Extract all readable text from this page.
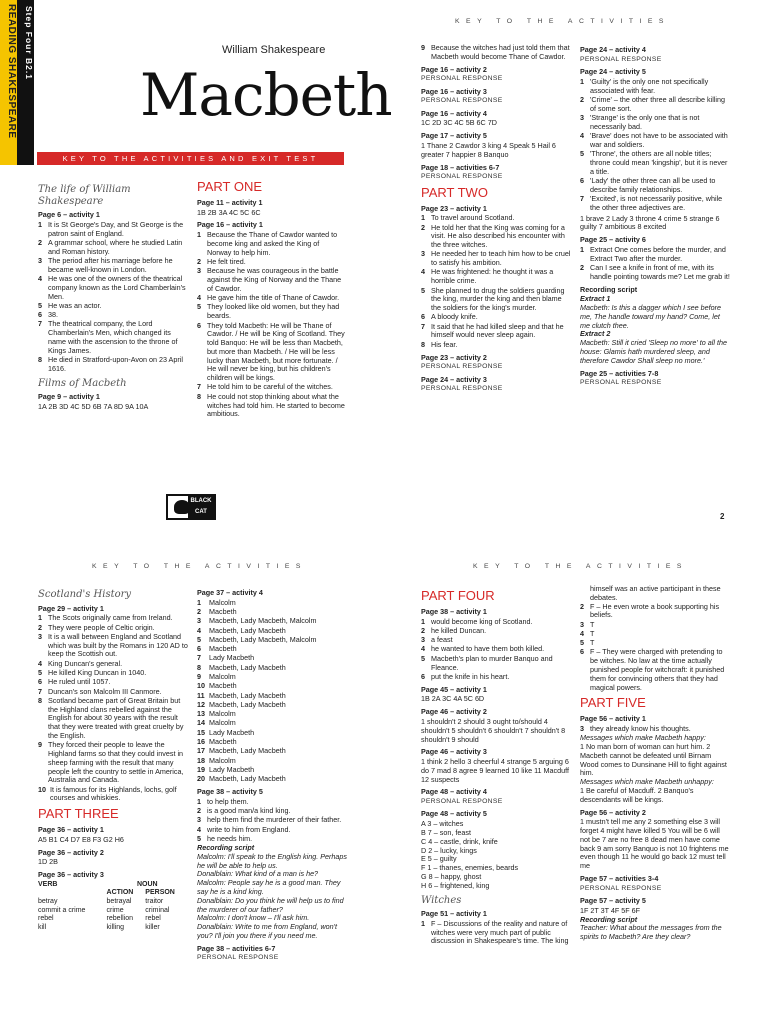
READING SHAKESPEARE Step Four B2.1	William Shakespeare
Macbeth
KEY TO THE ACTIVITIES AND EXIT TEST
KEY TO THE ACTIVITIES
KEY TO THE ACTIVITIES	KEY TO THE ACTIVITIES
2
BLACK CAT
The life of William Shakespeare
Page 6 – activity 1
1 It is St George's Day, and St George is the patron saint of England.
2 A grammar school, where he studied Latin and Roman history.
3 The period after his marriage before he became well-known in London.
4 He was one of the owners of the theatrical company known as the Lord Chamberlain's Men.
5 He was an actor.
6 38.
7 The theatrical company, the Lord Chamberlain's Men, which changed its name with the ascension to the throne of Kings James.
8 He died in Stratford-upon-Avon on 23 April 1616.
Films of Macbeth
Page 9 – activity 1
1A 2B 3D 4C 5D 6B 7A 8D 9A 10A
PART ONE
Page 11 – activity 1
1B 2B 3A 4C 5C 6C
Page 16 – activity 1
1 Because the Thane of Cawdor wanted to become king and asked the King of Norway to help him.
2 He felt tired.
3 Because he was courageous in the battle against the King of Norway and the Thane of Cawdor.
4 He gave him the title of Thane of Cawdor.
5 They looked like old women, but they had beards.
6 They told Macbeth: He will be Thane of Cawdor. / He will be King of Scotland. They told Banquo: He will be less than Macbeth, but more than Macbeth. / He will be less lucky than Macbeth, but more fortunate. / He will never be king, but his children's children will be kings.
7 He told him to be careful of the witches.
8 He could not stop thinking about what the witches had told him. He started to become ambitious.
9 Because the witches had just told them that Macbeth would become Thane of Cawdor.
Page 16 – activity 2
PERSONAL RESPONSE
Page 16 – activity 3
PERSONAL RESPONSE
Page 16 – activity 4
1C 2D 3C 4C 5B 6C 7D
Page 17 – activity 5
1 Thane 2 Cawdor 3 king 4 Speak 5 Hail 6 greater 7 happier 8 Banquo
Page 18 – activities 6-7
PERSONAL RESPONSE
PART TWO
Page 23 – activity 1
1 To travel around Scotland.
2 He told her that the King was coming for a visit. He also described his encounter with the three witches.
3 He needed her to teach him how to be cruel to satisfy his ambition.
4 He was frightened: he thought it was a horrible crime.
5 She planned to drug the soldiers guarding the king, murder the king and then blame the soldiers for the king's murder.
6 A bloody knife.
7 It said that he had killed sleep and that he himself would never sleep again.
8 His fear.
Page 23 – activity 2
PERSONAL RESPONSE
Page 24 – activity 3
PERSONAL RESPONSE
Page 24 – activity 4
PERSONAL RESPONSE
Page 24 – activity 5
1 'Guilty' is the only one not specifically associated with fear.
2 'Crime' – the other three all describe killing of some sort.
3 'Strange' is the only one that is not necessarily bad.
4 'Brave' does not have to be associated with war and soldiers.
5 'Throne', the others are all noble titles; throne could mean 'kingship', but it is never a title.
6 'Lady' the other three can all be used to describe family relationships.
7 'Excited', is not necessarily positive, while the other three adjectives are.
1 brave 2 Lady 3 throne 4 crime 5 strange 6 guilty 7 ambitious 8 excited
Page 25 – activity 6
1 Extract One comes before the murder, and Extract Two after the murder.
2 Can I see a knife in front of me, with its handle pointing towards me? Let me grab it!
Recording script
Extract 1
Macbeth: Is this a dagger which I see before me, The handle toward my hand? Come, let me clutch thee.
Extract 2
Macbeth: Still it cried 'Sleep no more' to all the house: Glamis hath murdered sleep, and therefore Cawdor Shall sleep no more.'
Page 25 – activities 7-8
PERSONAL RESPONSE
Scotland's History
Page 29 – activity 1
1 The Scots originally came from Ireland.
2 They were people of Celtic origin.
3 It is a wall between England and Scotland which was built by the Romans in 120 AD to keep the Scottish out.
4 King Duncan's general.
5 He killed King Duncan in 1040.
6 He ruled until 1057.
7 Duncan's son Malcolm III Canmore.
8 Scotland became part of Great Britain but the Highland clans rebelled against the English for about 30 years with the result that they were treated with great cruelty by the English.
9 They forced their people to leave the Highland farms so that they could invest in sheep farming with the result that many people left the country to settle in America, Australia and Canada.
10 It is famous for its Highlands, lochs, golf courses and whiskies.
PART THREE
Page 36 – activity 1
A5 B1 C4 D7 E8 F3 G2 H6
Page 36 – activity 2
1D 2B
Page 36 – activity 3
VERB	NOUN	
	ACTION	PERSON
betray	betrayal	traitor
commit a crime	crime	criminal
rebel	rebellion	rebel
kill	killing	killer
Page 37 – activity 4
1	Malcolm
2	Macbeth
3	Macbeth, Lady Macbeth, Malcolm
4	Macbeth, Lady Macbeth
5	Macbeth, Lady Macbeth, Malcolm
6	Macbeth
7	Lady Macbeth
8	Macbeth, Lady Macbeth
9	Malcolm
10 Macbeth
11 Macbeth, Lady Macbeth
12 Macbeth, Lady Macbeth
13 Malcolm
14 Malcolm
15 Lady Macbeth
16 Macbeth
17 Macbeth, Lady Macbeth
18 Malcolm
19 Lady Macbeth
20 Macbeth, Lady Macbeth
Page 38 – activity 5
1 to help them.
2 is a good man/a kind king.
3 help them find the murderer of their father.
4 write to him from England.
5 he needs him.
Recording script
Malcolm: I'll speak to the English king. Perhaps he will be able to help us.
Donalblain: What kind of a man is he?
Malcolm: People say he is a good man. They say he is a kind king.
Donalblain: Do you think he will help us to find the murderer of our father?
Malcolm: I don't know – I'll ask him.
Donalblain: Write to me from England, won't you? I'll join you there if you need me.
Page 38 – activities 6-7
PERSONAL RESPONSE
PART FOUR
Page 38 – activity 1
1 would become king of Scotland.
2 he killed Duncan.
3 a feast
4 he wanted to have them both killed.
5 Macbeth's plan to murder Banquo and Fleance.
6 put the knife in his heart.
Page 45 – activity 1
1B 2A 3C 4A 5C 6D
Page 46 – activity 2
1 shouldn't 2 should 3 ought to/should 4 shouldn't 5 shouldn't 6 shouldn't 7 shouldn't 8 shouldn't 9 should
Page 46 – activity 3
1 think 2 hello 3 cheerful 4 strange 5 arguing 6 do 7 mad 8 agree 9 learned 10 like 11 Macduff 12 suspects
Page 48 – activity 4
PERSONAL RESPONSE
Page 48 – activity 5
A 3 – witches
B 7 – son, feast
C 4 – castle, drink, knife
D 2 – lucky, kings
E 5 – guilty
F 1 – thanes, enemies, beards
G 8 – happy, ghost
H 6 – frightened, king
Witches
Page 51 – activity 1
1 F – Discussions of the reality and nature of witches were very much part of public discussion in Shakespeare's time. The king
himself was an active participant in these debates.
2 F – He even wrote a book supporting his beliefs.
3 T
4 T
5 T
6 F – They were charged with pretending to be witches. No law at the time actually punished people for witchcraft: it punished them for convincing others that they had magical powers.
PART FIVE
Page 56 – activity 1
3 they already know his thoughts.
Messages which make Macbeth happy:
1 No man born of woman can hurt him. 2 Macbeth cannot be defeated until Birnam Wood comes to Dunsinane Hill to fight against him.
Messages which make Macbeth unhappy:
1 Be careful of Macduff. 2 Banquo's descendants will be kings.
Page 56 – activity 2
1 mustn't tell me any 2 something else 3 will forget 4 might have killed 5 You will be 6 will not be 7 are no free 8 dead men have come back 9 am sorry Banquo is not 10 frightens me even though 11 he would go back 12 must tell me
Page 57 – activities 3-4
PERSONAL RESPONSE
Page 57 – activity 5
1F 2T 3T 4F 5F 6F
Recording script
Teacher: What about the messages from the spirits to Macbeth? Are they clear?
